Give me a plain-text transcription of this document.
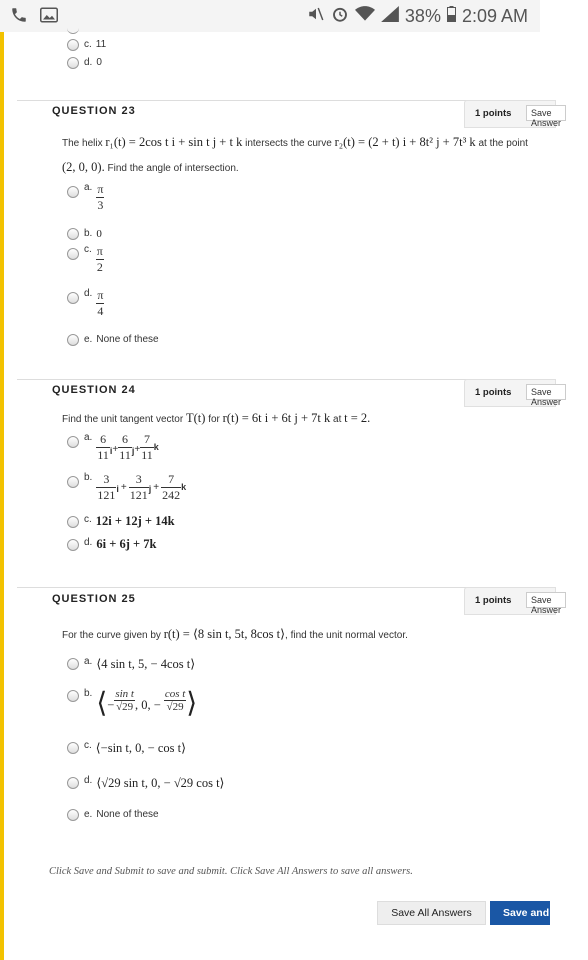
38% 2:09 AM
c. 11
d. 0
QUESTION 23	1 points	Save Answer
The helix r₁(t) = 2cos t i + sin t j + t k intersects the curve r₂(t) = (2 + t) i + 8t² j + 7t³ k at the point
(2, 0, 0). Find the angle of intersection.
a. $\frac{\pi}{3}$
b. 0
c. $\frac{\pi}{2}$
d. $\frac{\pi}{4}$
e. None of these
QUESTION 24	1 points	Save Answer
Find the unit tangent vector T(t) for r(t) = 6t i + 6t j + 7t k at t = 2.
a. $\frac{6}{11}$ $i + \frac{6}{11}$ $j + \frac{7}{11}$ k
b. $\frac{3}{121}$ $i + \frac{3}{121}$ $j + \frac{7}{242}$ k
c. 12i + 12j + 14k
d. 6i + 6j + 7k
QUESTION 25	1 points	Save Answer
For the curve given by r(t) = ⟨8 sin t, 5t, 8cos t⟩, find the unit normal vector.
a. ⟨4 sin t, 5, − 4cos t⟩
b. ⟨ − $\frac{\text{sin t}}{√29}$ , 0, − $\frac{\text{cos t}}{√29}$ ⟩
c. ⟨−sin t, 0, − cos t⟩
d. ⟨√29 sin t, 0, − √29 cos t⟩
e. None of these
Click Save and Submit to save and submit. Click Save All Answers to save all answers.
Save All Answers	Save and Submit
